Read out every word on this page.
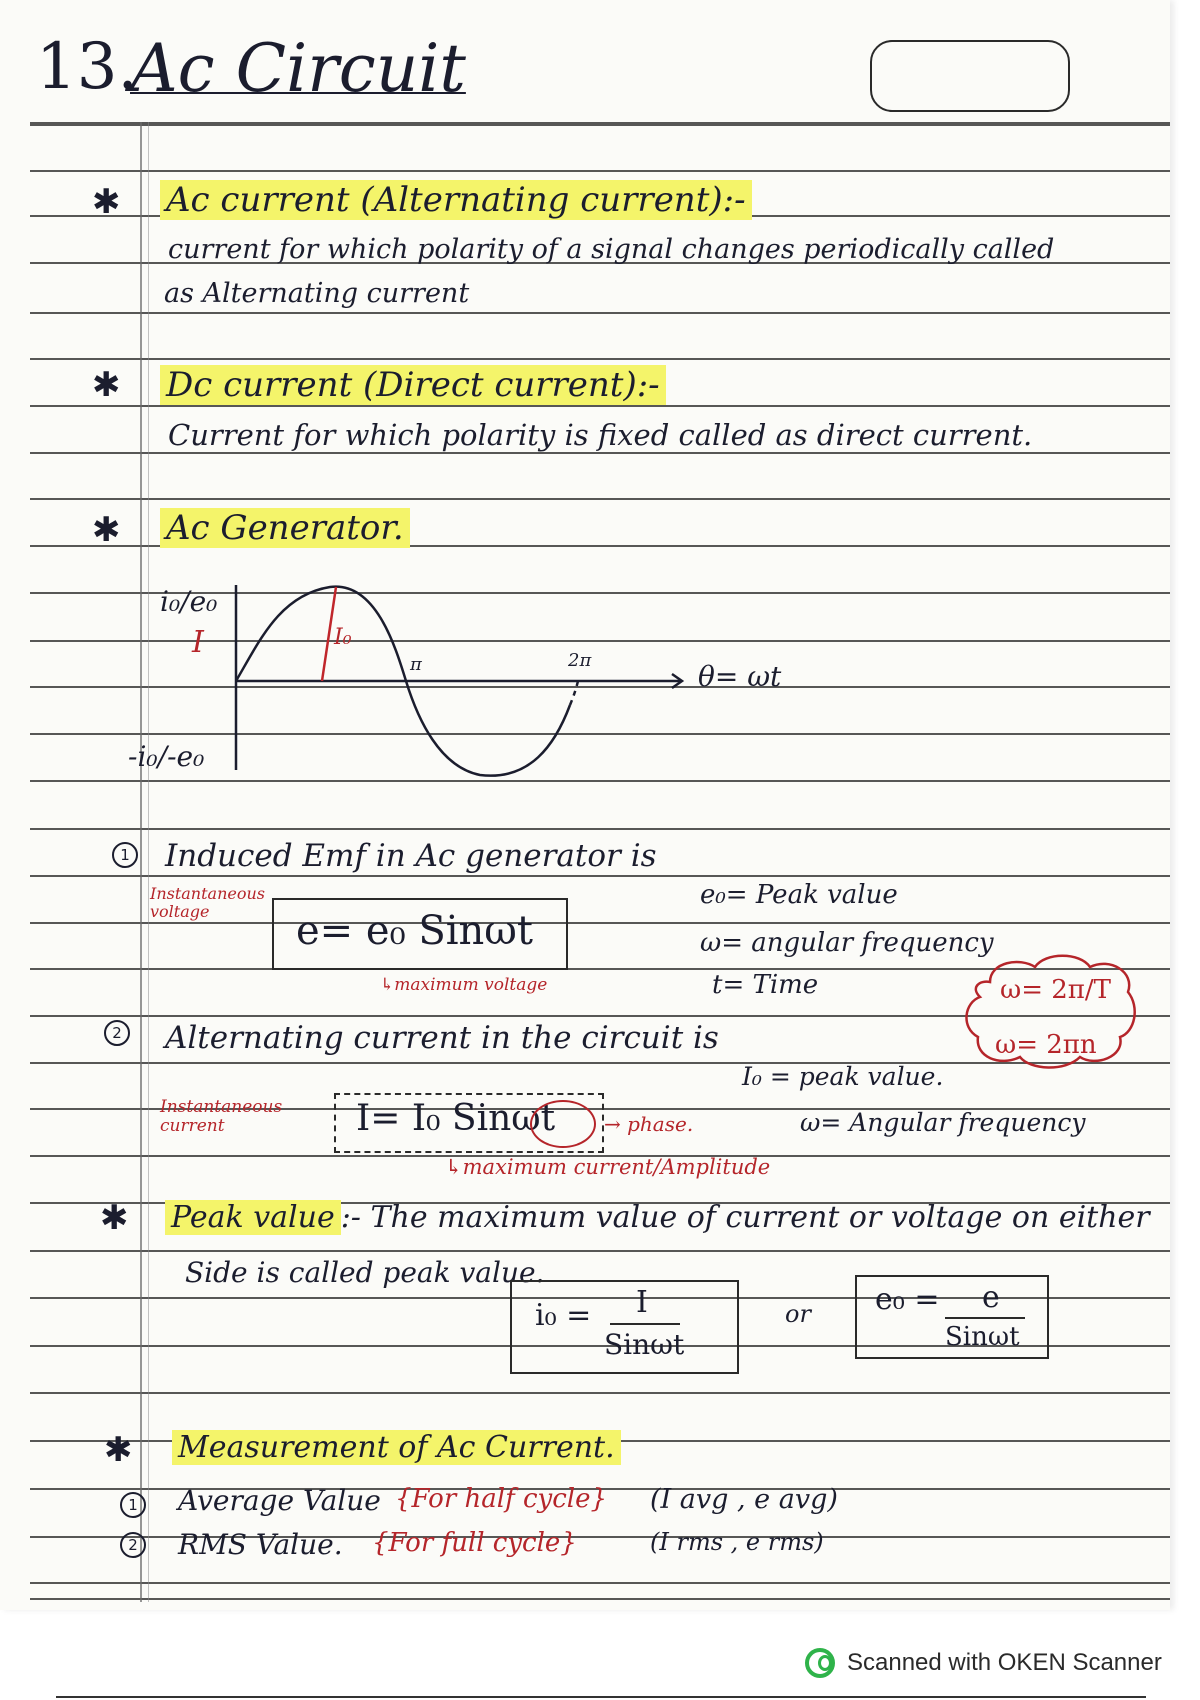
13.
Ac Circuit
✱ Ac current (Alternating current):-
current for which polarity of a signal changes periodically called
as Alternating current
✱ Dc current (Direct current):-
Current for which polarity is fixed called as direct current.
✱ Ac Generator.
i₀/e₀
I	I₀
π	2π	θ= ωt
-i₀/-e₀
1 Induced Emf in Ac generator is
Instantaneous voltage	e= e₀ Sinωt
↳maximum voltage
e₀= Peak value
ω= angular frequency
t= Time	ω= 2π/T
ω= 2πn
2 Alternating current in the circuit is
Instantaneous current	I= I₀ Sinωt → phase.
↳maximum current/Amplitude
I₀ = peak value.
ω= Angular frequency
✱ Peak value :- The maximum value of current or voltage on either
Side is called peak value.
i₀ = I
Sinωt
or e₀ = e
Sinωt
✱ Measurement of Ac Current.
1 Average Value {For half cycle} (I avg , e avg)
2 RMS Value. {For full cycle}	(I rms , e rms)
Scanned with OKEN Scanner
